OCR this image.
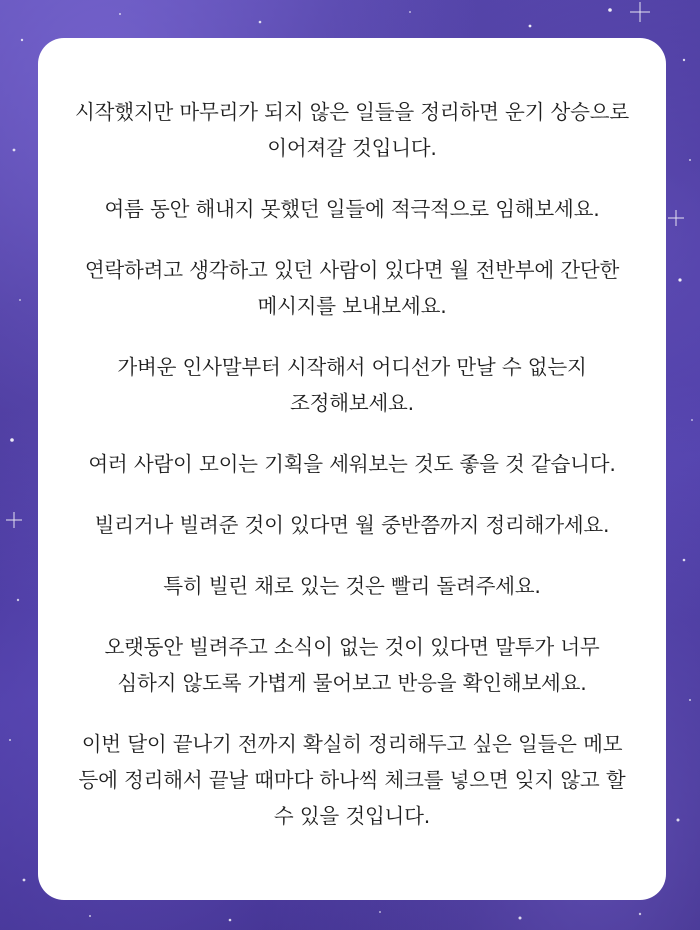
시작했지만 마무리가 되지 않은 일들을 정리하면 운기 상승으로
이어져갈 것입니다.

여름 동안 해내지 못했던 일들에 적극적으로 임해보세요.

연락하려고 생각하고 있던 사람이 있다면 월 전반부에 간단한
메시지를 보내보세요.

가벼운 인사말부터 시작해서 어디선가 만날 수 없는지
조정해보세요.

여러 사람이 모이는 기획을 세워보는 것도 좋을 것 같습니다.

빌리거나 빌려준 것이 있다면 월 중반쯤까지 정리해가세요.

특히 빌린 채로 있는 것은 빨리 돌려주세요.

오랫동안 빌려주고 소식이 없는 것이 있다면 말투가 너무
심하지 않도록 가볍게 물어보고 반응을 확인해보세요.

이번 달이 끝나기 전까지 확실히 정리해두고 싶은 일들은 메모
등에 정리해서 끝날 때마다 하나씩 체크를 넣으면 잊지 않고 할
수 있을 것입니다.
